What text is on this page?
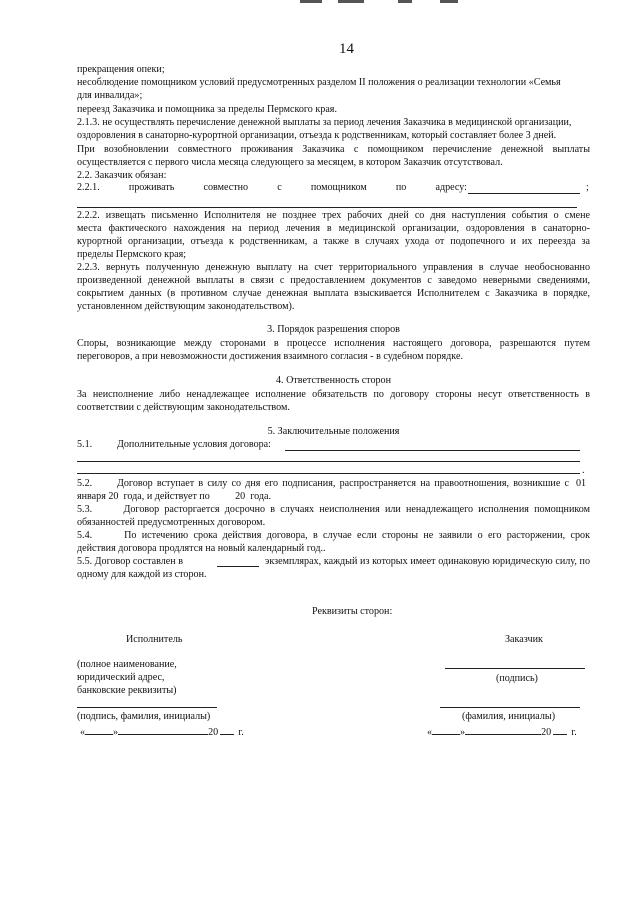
14
прекращения опеки;
несоблюдение помощником условий предусмотренных разделом II положения о реализации технологии «Семья
для инвалида»;
переезд Заказчика и помощника за пределы Пермского края.
2.1.3. не осуществлять перечисление денежной выплаты за период лечения Заказчика в медицинской организации,
оздоровления в санаторно-курортной организации, отъезда к родственникам, который составляет более 3 дней.
При возобновлении совместного проживания Заказчика с помощником перечисление денежной выплаты
осуществляется с первого числа месяца следующего за месяцем, в котором Заказчик отсутствовал.
2.2. Заказчик обязан:
2.2.1.	проживать	совместно	с	помощником	по	адресу:	;
2.2.2. извещать письменно Исполнителя не позднее трех рабочих дней со дня наступления события о смене
места фактического нахождения на период лечения в медицинской организации, оздоровления в санаторно-
курортной организации, отъезда к родственникам, а также в случаях ухода от подопечного и их переезда за
пределы Пермского края;
2.2.3. вернуть полученную денежную выплату на счет территориального управления в случае необоснованно
произведенной денежной выплаты в связи с предоставлением документов с заведомо неверными сведениями,
сокрытием данных (в противном случае денежная выплата взыскивается Исполнителем с Заказчика в порядке,
установленном действующим законодательством).
3. Порядок разрешения споров
Споры, возникающие между сторонами в процессе исполнения настоящего договора, разрешаются путем
переговоров, а при невозможности достижения взаимного согласия - в судебном порядке.
4. Ответственность сторон
За неисполнение либо ненадлежащее исполнение обязательств по договору стороны несут ответственность в
соответствии с действующим законодательством.
5. Заключительные положения
5.1. Дополнительные условия договора:
.
5.2. Договор вступает в силу со дня его подписания, распространяется на правоотношения, возникшие с 01
января 20  года, и действует по          20  года.
5.3.      Договор расторгается досрочно в случаях неисполнения или ненадлежащего исполнения помощником
обязанностей предусмотренных договором.
5.4.      По истечению срока действия договора, в случае если стороны не заявили о его расторжении, срок
действия договора продлятся на новый календарный год..
5.5. Договор составлен в	экземплярах, каждый из которых имеет одинаковую юридическую силу, по
одному для каждой из сторон.
Реквизиты сторон:
Исполнитель
(полное наименование,
юридический адрес,
банковские реквизиты)
(подпись, фамилия, инициалы)
«	»	20 г.
Заказчик
(подпись)
(фамилия, инициалы)
«	»	20 г.
